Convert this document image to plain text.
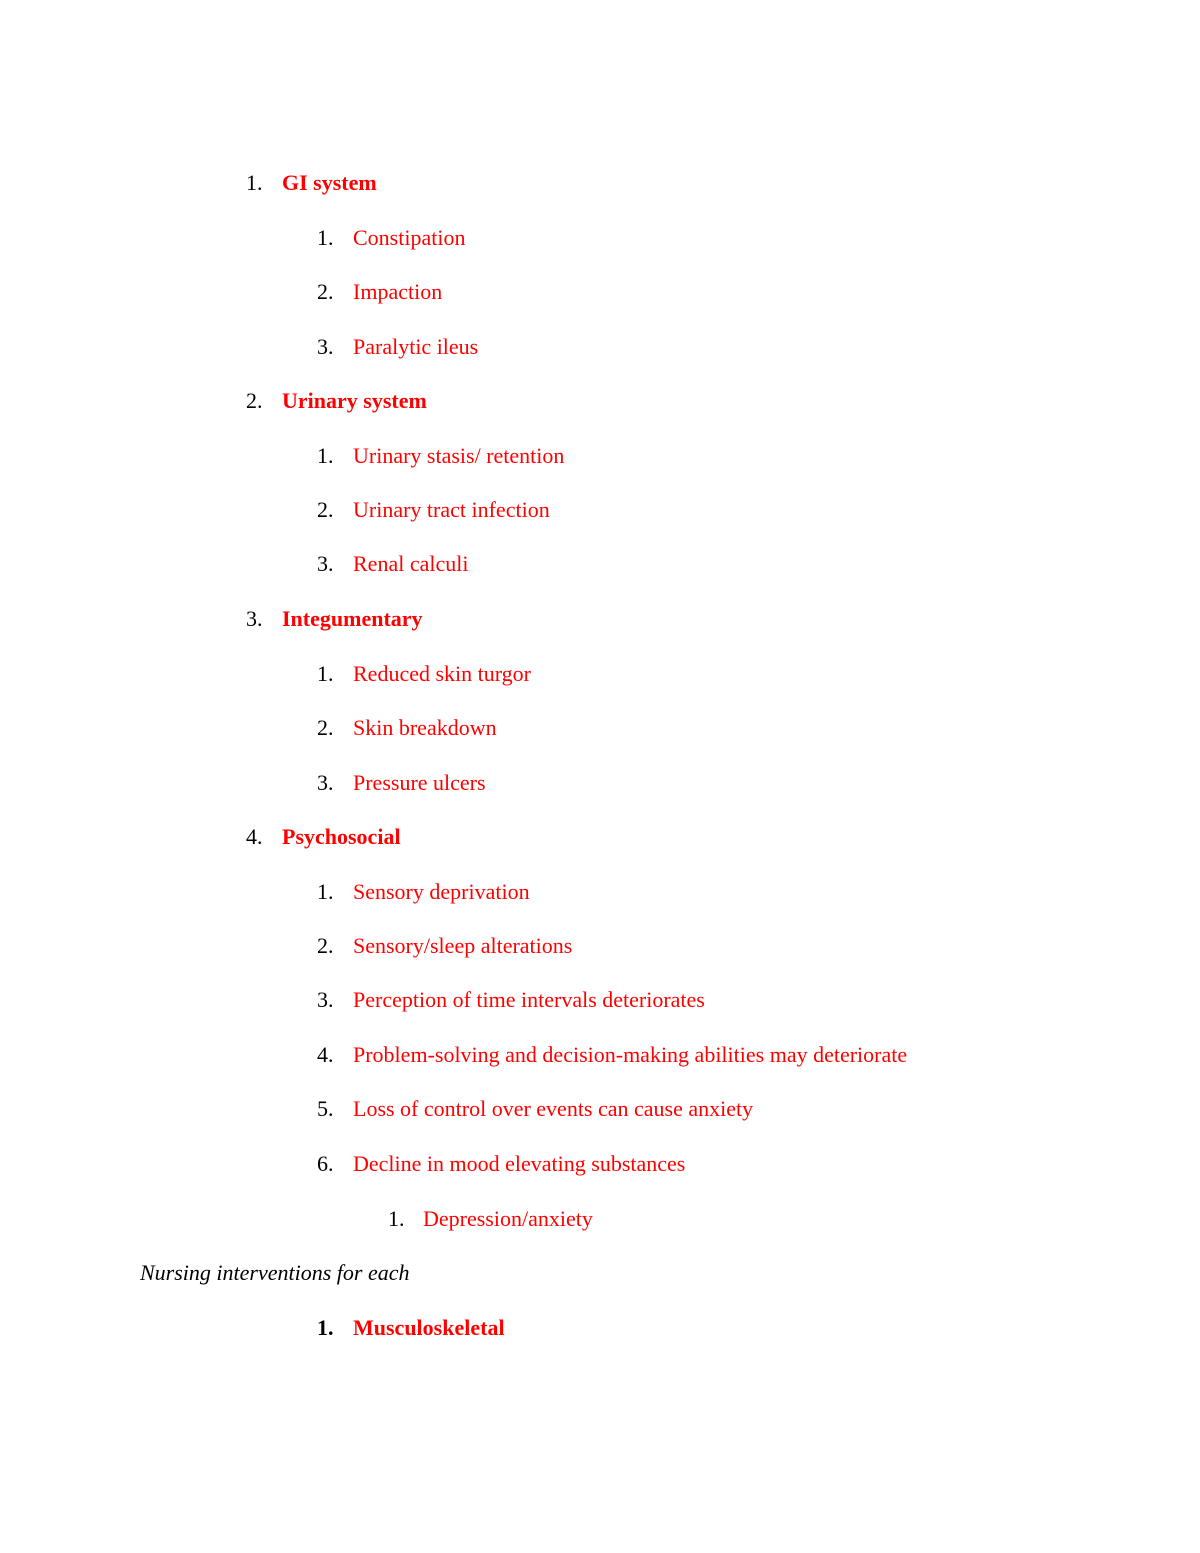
1. GI system
1. Constipation
2. Impaction
3. Paralytic ileus
2. Urinary system
1. Urinary stasis/ retention
2. Urinary tract infection
3. Renal calculi
3. Integumentary
1. Reduced skin turgor
2. Skin breakdown
3. Pressure ulcers
4. Psychosocial
1. Sensory deprivation
2. Sensory/sleep alterations
3. Perception of time intervals deteriorates
4. Problem-solving and decision-making abilities may deteriorate
5. Loss of control over events can cause anxiety
6. Decline in mood elevating substances
1. Depression/anxiety
Nursing interventions for each
1. Musculoskeletal
